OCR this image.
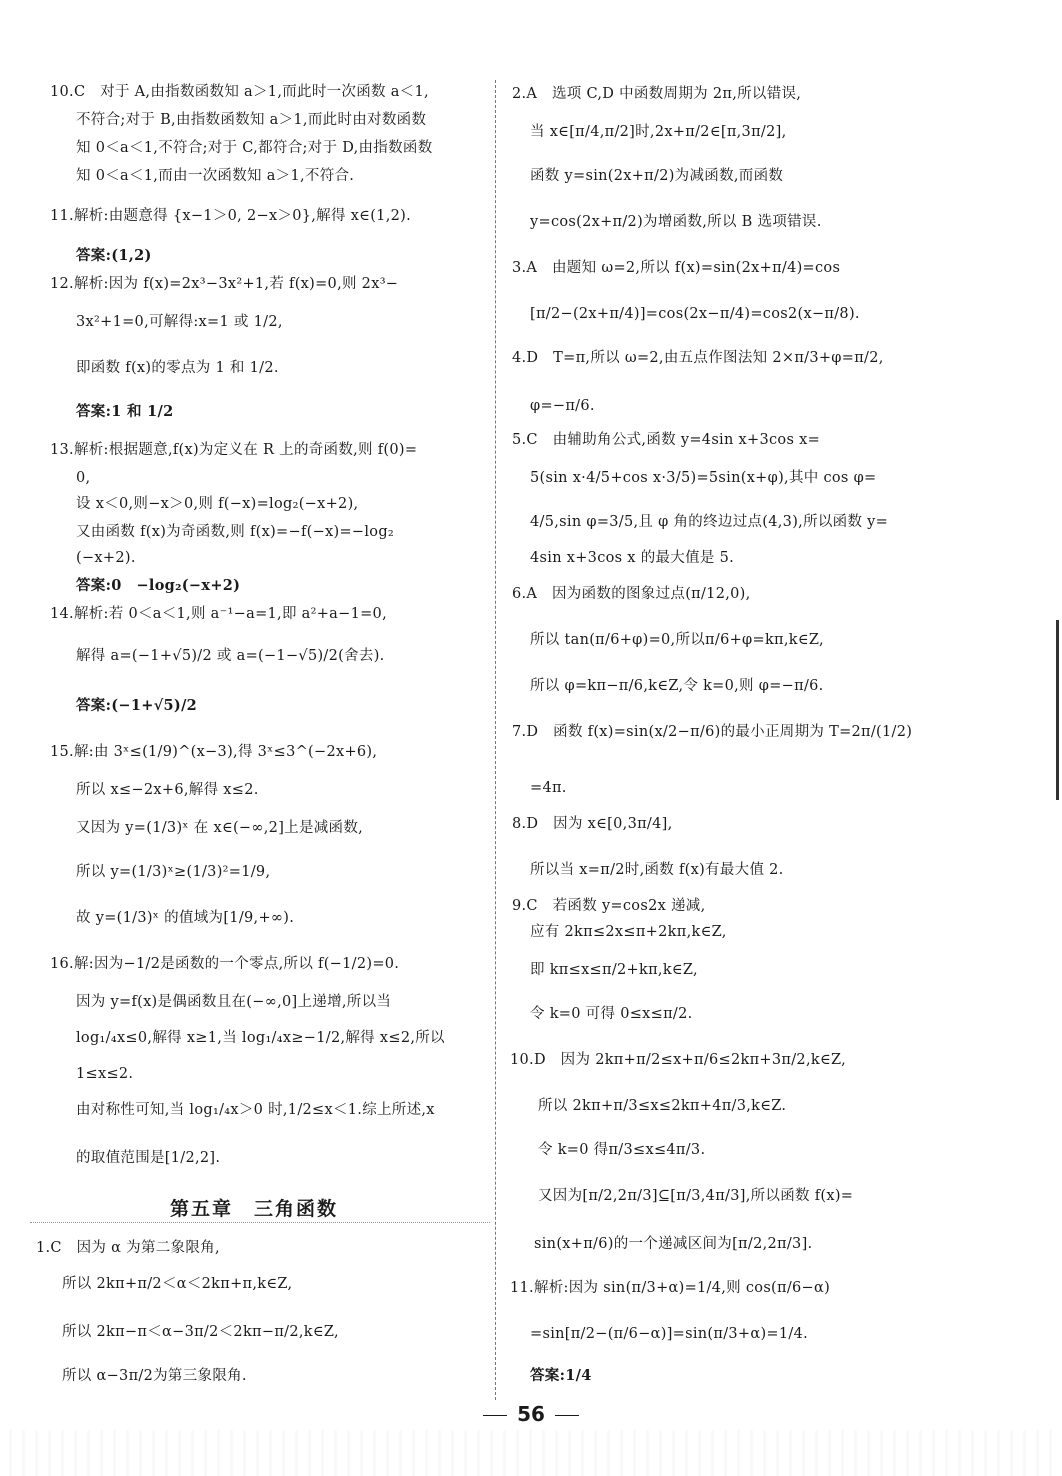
10.C　对于 A,由指数函数知 a＞1,而此时一次函数 a＜1,
不符合;对于 B,由指数函数知 a＞1,而此时由对数函数
知 0＜a＜1,不符合;对于 C,都符合;对于 D,由指数函数
知 0＜a＜1,而由一次函数知 a＞1,不符合.
11.解析:由题意得 {x−1＞0, 2−x＞0},解得 x∈(1,2).
答案:(1,2)
12.解析:因为 f(x)=2x³−3x²+1,若 f(x)=0,则 2x³−
3x²+1=0,可解得:x=1 或 1/2,
即函数 f(x)的零点为 1 和 1/2.
答案:1 和 1/2
13.解析:根据题意,f(x)为定义在 R 上的奇函数,则 f(0)=
0,
设 x＜0,则−x＞0,则 f(−x)=log₂(−x+2),
又由函数 f(x)为奇函数,则 f(x)=−f(−x)=−log₂
(−x+2).
答案:0　−log₂(−x+2)
14.解析:若 0＜a＜1,则 a⁻¹−a=1,即 a²+a−1=0,
解得 a=(−1+√5)/2 或 a=(−1−√5)/2(舍去).
答案:(−1+√5)/2
15.解:由 3ˣ≤(1/9)^(x−3),得 3ˣ≤3^(−2x+6),
所以 x≤−2x+6,解得 x≤2.
又因为 y=(1/3)ˣ 在 x∈(−∞,2]上是减函数,
所以 y=(1/3)ˣ≥(1/3)²=1/9,
故 y=(1/3)ˣ 的值域为[1/9,+∞).
16.解:因为−1/2是函数的一个零点,所以 f(−1/2)=0.
因为 y=f(x)是偶函数且在(−∞,0]上递增,所以当
log₁/₄x≤0,解得 x≥1,当 log₁/₄x≥−1/2,解得 x≤2,所以
1≤x≤2.
由对称性可知,当 log₁/₄x＞0 时,1/2≤x＜1.综上所述,x
的取值范围是[1/2,2].
第五章　三角函数
1.C　因为 α 为第二象限角,
所以 2kπ+π/2＜α＜2kπ+π,k∈Z,
所以 2kπ−π＜α−3π/2＜2kπ−π/2,k∈Z,
所以 α−3π/2为第三象限角.
2.A　选项 C,D 中函数周期为 2π,所以错误,
当 x∈[π/4,π/2]时,2x+π/2∈[π,3π/2],
函数 y=sin(2x+π/2)为减函数,而函数
y=cos(2x+π/2)为增函数,所以 B 选项错误.
3.A　由题知 ω=2,所以 f(x)=sin(2x+π/4)=cos
[π/2−(2x+π/4)]=cos(2x−π/4)=cos2(x−π/8).
4.D　T=π,所以 ω=2,由五点作图法知 2×π/3+φ=π/2,
φ=−π/6.
5.C　由辅助角公式,函数 y=4sin x+3cos x=
5(sin x·4/5+cos x·3/5)=5sin(x+φ),其中 cos φ=
4/5,sin φ=3/5,且 φ 角的终边过点(4,3),所以函数 y=
4sin x+3cos x 的最大值是 5.
6.A　因为函数的图象过点(π/12,0),
所以 tan(π/6+φ)=0,所以π/6+φ=kπ,k∈Z,
所以 φ=kπ−π/6,k∈Z,令 k=0,则 φ=−π/6.
7.D　函数 f(x)=sin(x/2−π/6)的最小正周期为 T=2π/(1/2)
=4π.
8.D　因为 x∈[0,3π/4],
所以当 x=π/2时,函数 f(x)有最大值 2.
9.C　若函数 y=cos2x 递减,
应有 2kπ≤2x≤π+2kπ,k∈Z,
即 kπ≤x≤π/2+kπ,k∈Z,
令 k=0 可得 0≤x≤π/2.
10.D　因为 2kπ+π/2≤x+π/6≤2kπ+3π/2,k∈Z,
所以 2kπ+π/3≤x≤2kπ+4π/3,k∈Z.
令 k=0 得π/3≤x≤4π/3.
又因为[π/2,2π/3]⊆[π/3,4π/3],所以函数 f(x)=
sin(x+π/6)的一个递减区间为[π/2,2π/3].
11.解析:因为 sin(π/3+α)=1/4,则 cos(π/6−α)
=sin[π/2−(π/6−α)]=sin(π/3+α)=1/4.
答案:1/4
56
